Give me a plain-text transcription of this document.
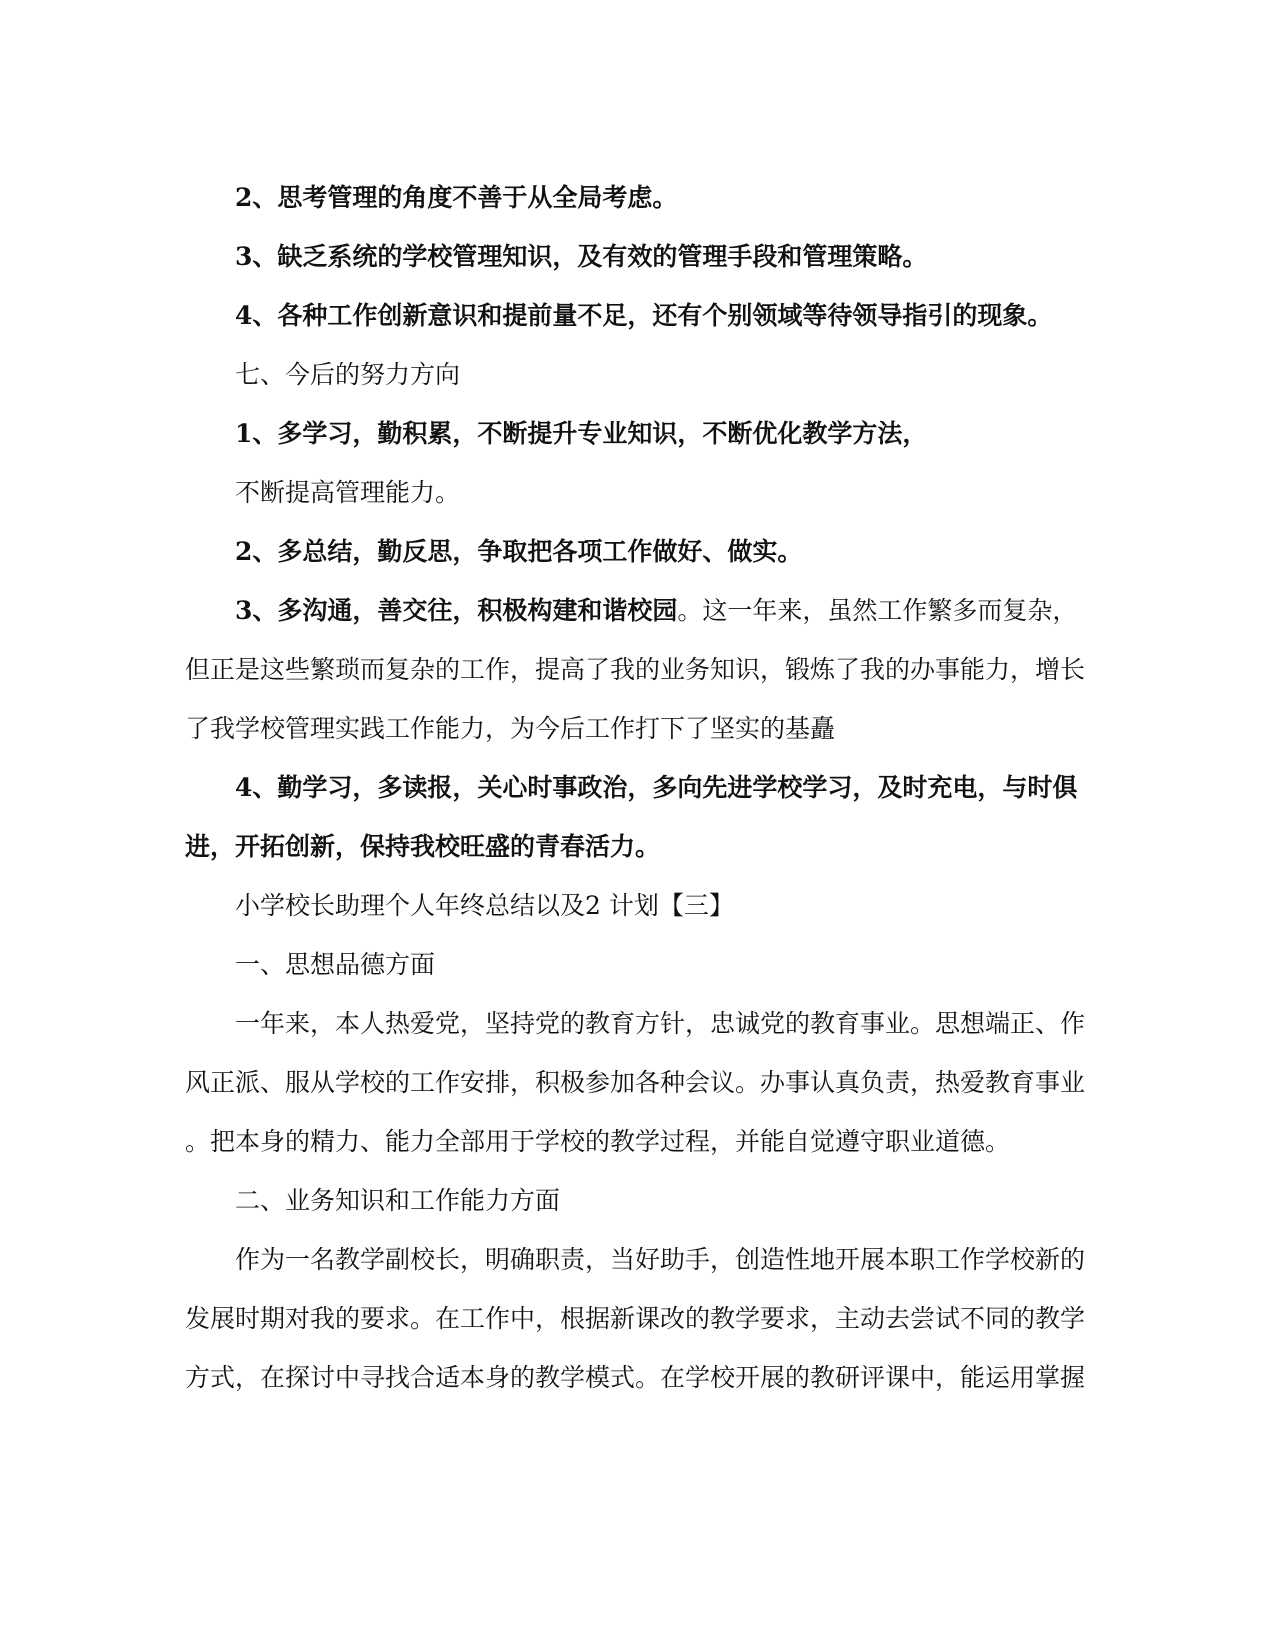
2、思考管理的角度不善于从全局考虑。

3、缺乏系统的学校管理知识，及有效的管理手段和管理策略。

4、各种工作创新意识和提前量不足，还有个别领域等待领导指引的现象。

七、今后的努力方向

1、多学习，勤积累，不断提升专业知识，不断优化教学方法，

不断提高管理能力。

2、多总结，勤反思，争取把各项工作做好、做实。

3、多沟通，善交往，积极构建和谐校园。这一年来，虽然工作繁多而复杂，

但正是这些繁琐而复杂的工作，提高了我的业务知识，锻炼了我的办事能力，增长

了我学校管理实践工作能力，为今后工作打下了坚实的基矗

4、勤学习，多读报，关心时事政治，多向先进学校学习，及时充电，与时俱

进，开拓创新，保持我校旺盛的青春活力。

小学校长助理个人年终总结以及2 计划【三】

一、思想品德方面

一年来，本人热爱党，坚持党的教育方针，忠诚党的教育事业。思想端正、作

风正派、服从学校的工作安排，积极参加各种会议。办事认真负责，热爱教育事业

。把本身的精力、能力全部用于学校的教学过程，并能自觉遵守职业道德。

二、业务知识和工作能力方面

作为一名教学副校长，明确职责，当好助手，创造性地开展本职工作学校新的

发展时期对我的要求。在工作中，根据新课改的教学要求，主动去尝试不同的教学

方式，在探讨中寻找合适本身的教学模式。在学校开展的教研评课中，能运用掌握
